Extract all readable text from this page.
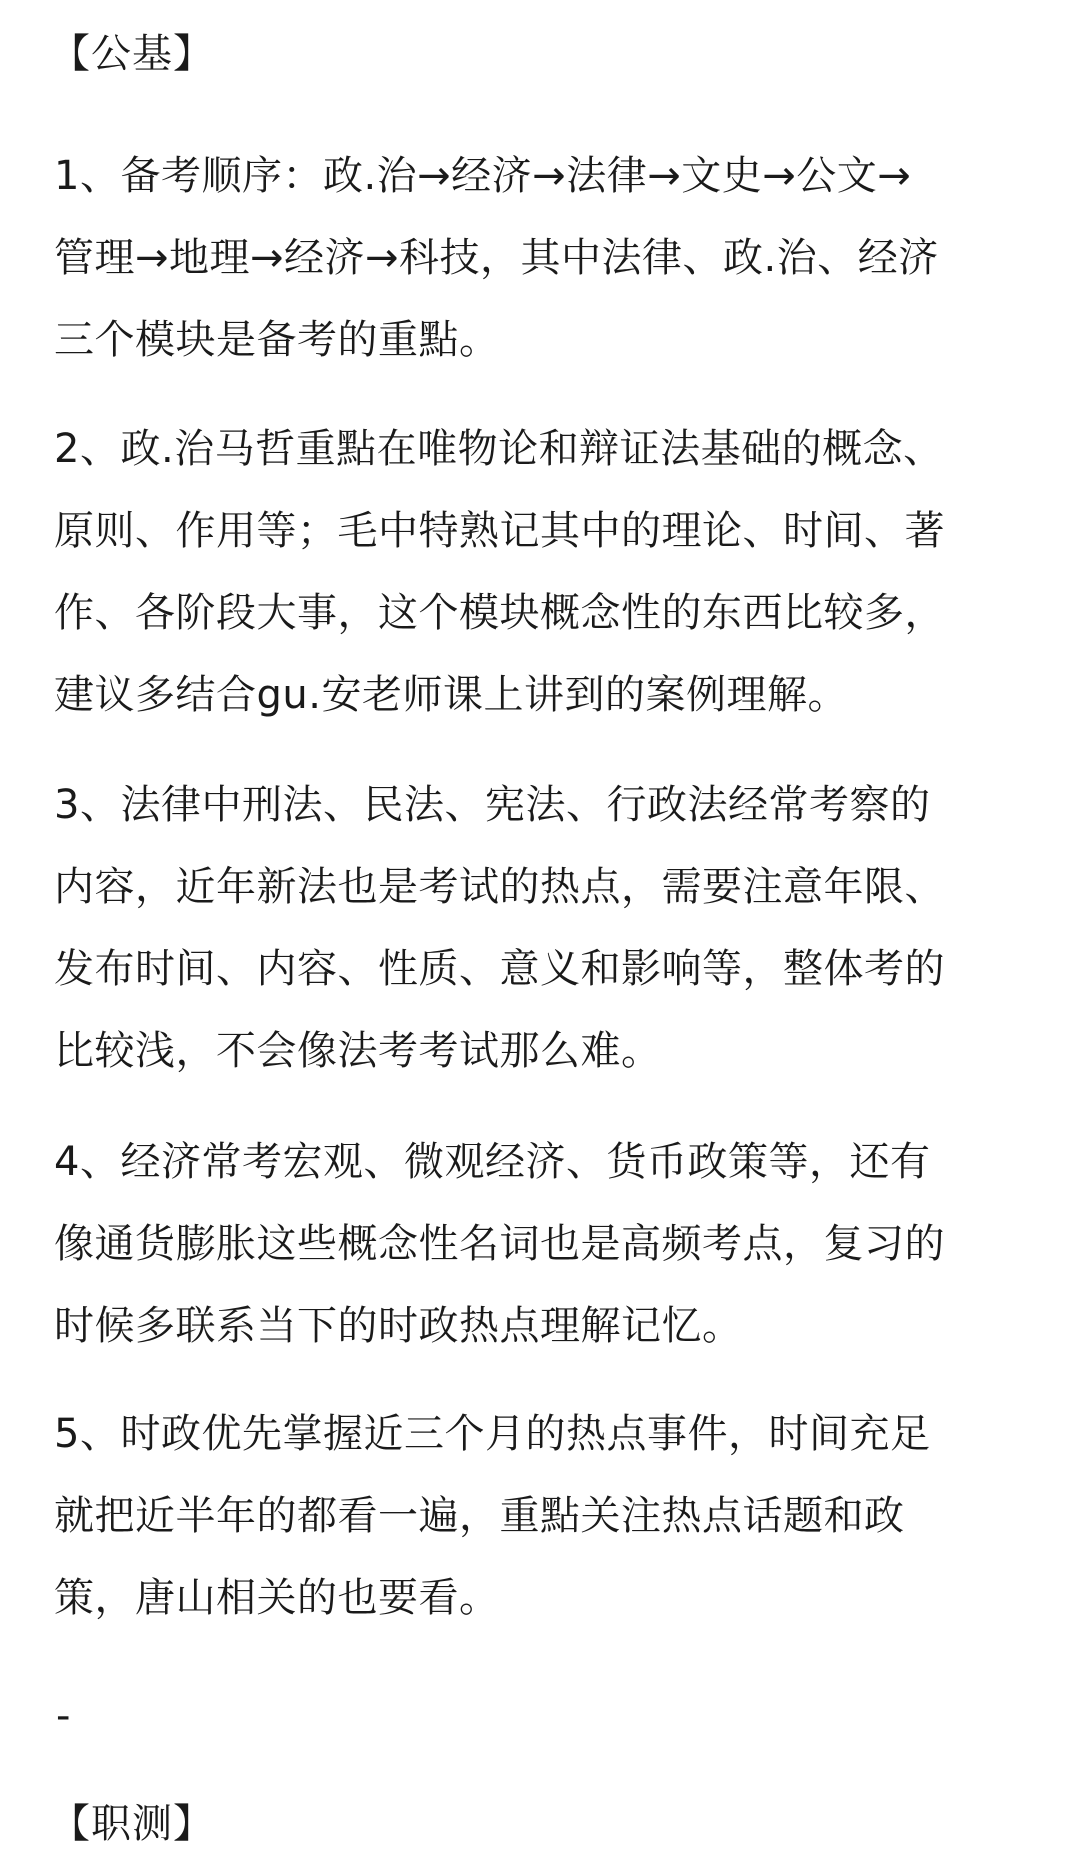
【公基】
1、备考顺序：政.治→经济→法律→文史→公文→
管理→地理→经济→科技，其中法律、政.治、经济
三个模块是备考的重點。
2、政.治马哲重點在唯物论和辩证法基础的概念、
原则、作用等；毛中特熟记其中的理论、时间、著
作、各阶段大事，这个模块概念性的东西比较多，
建议多结合gu.安老师课上讲到的案例理解。
3、法律中刑法、民法、宪法、行政法经常考察的
内容，近年新法也是考试的热点，需要注意年限、
发布时间、内容、性质、意义和影响等，整体考的
比较浅，不会像法考考试那么难。
4、经济常考宏观、微观经济、货币政策等，还有
像通货膨胀这些概念性名词也是高频考点，复习的
时候多联系当下的时政热点理解记忆。
5、时政优先掌握近三个月的热点事件，时间充足
就把近半年的都看一遍，重點关注热点话题和政
策，唐山相关的也要看。
-
【职测】
